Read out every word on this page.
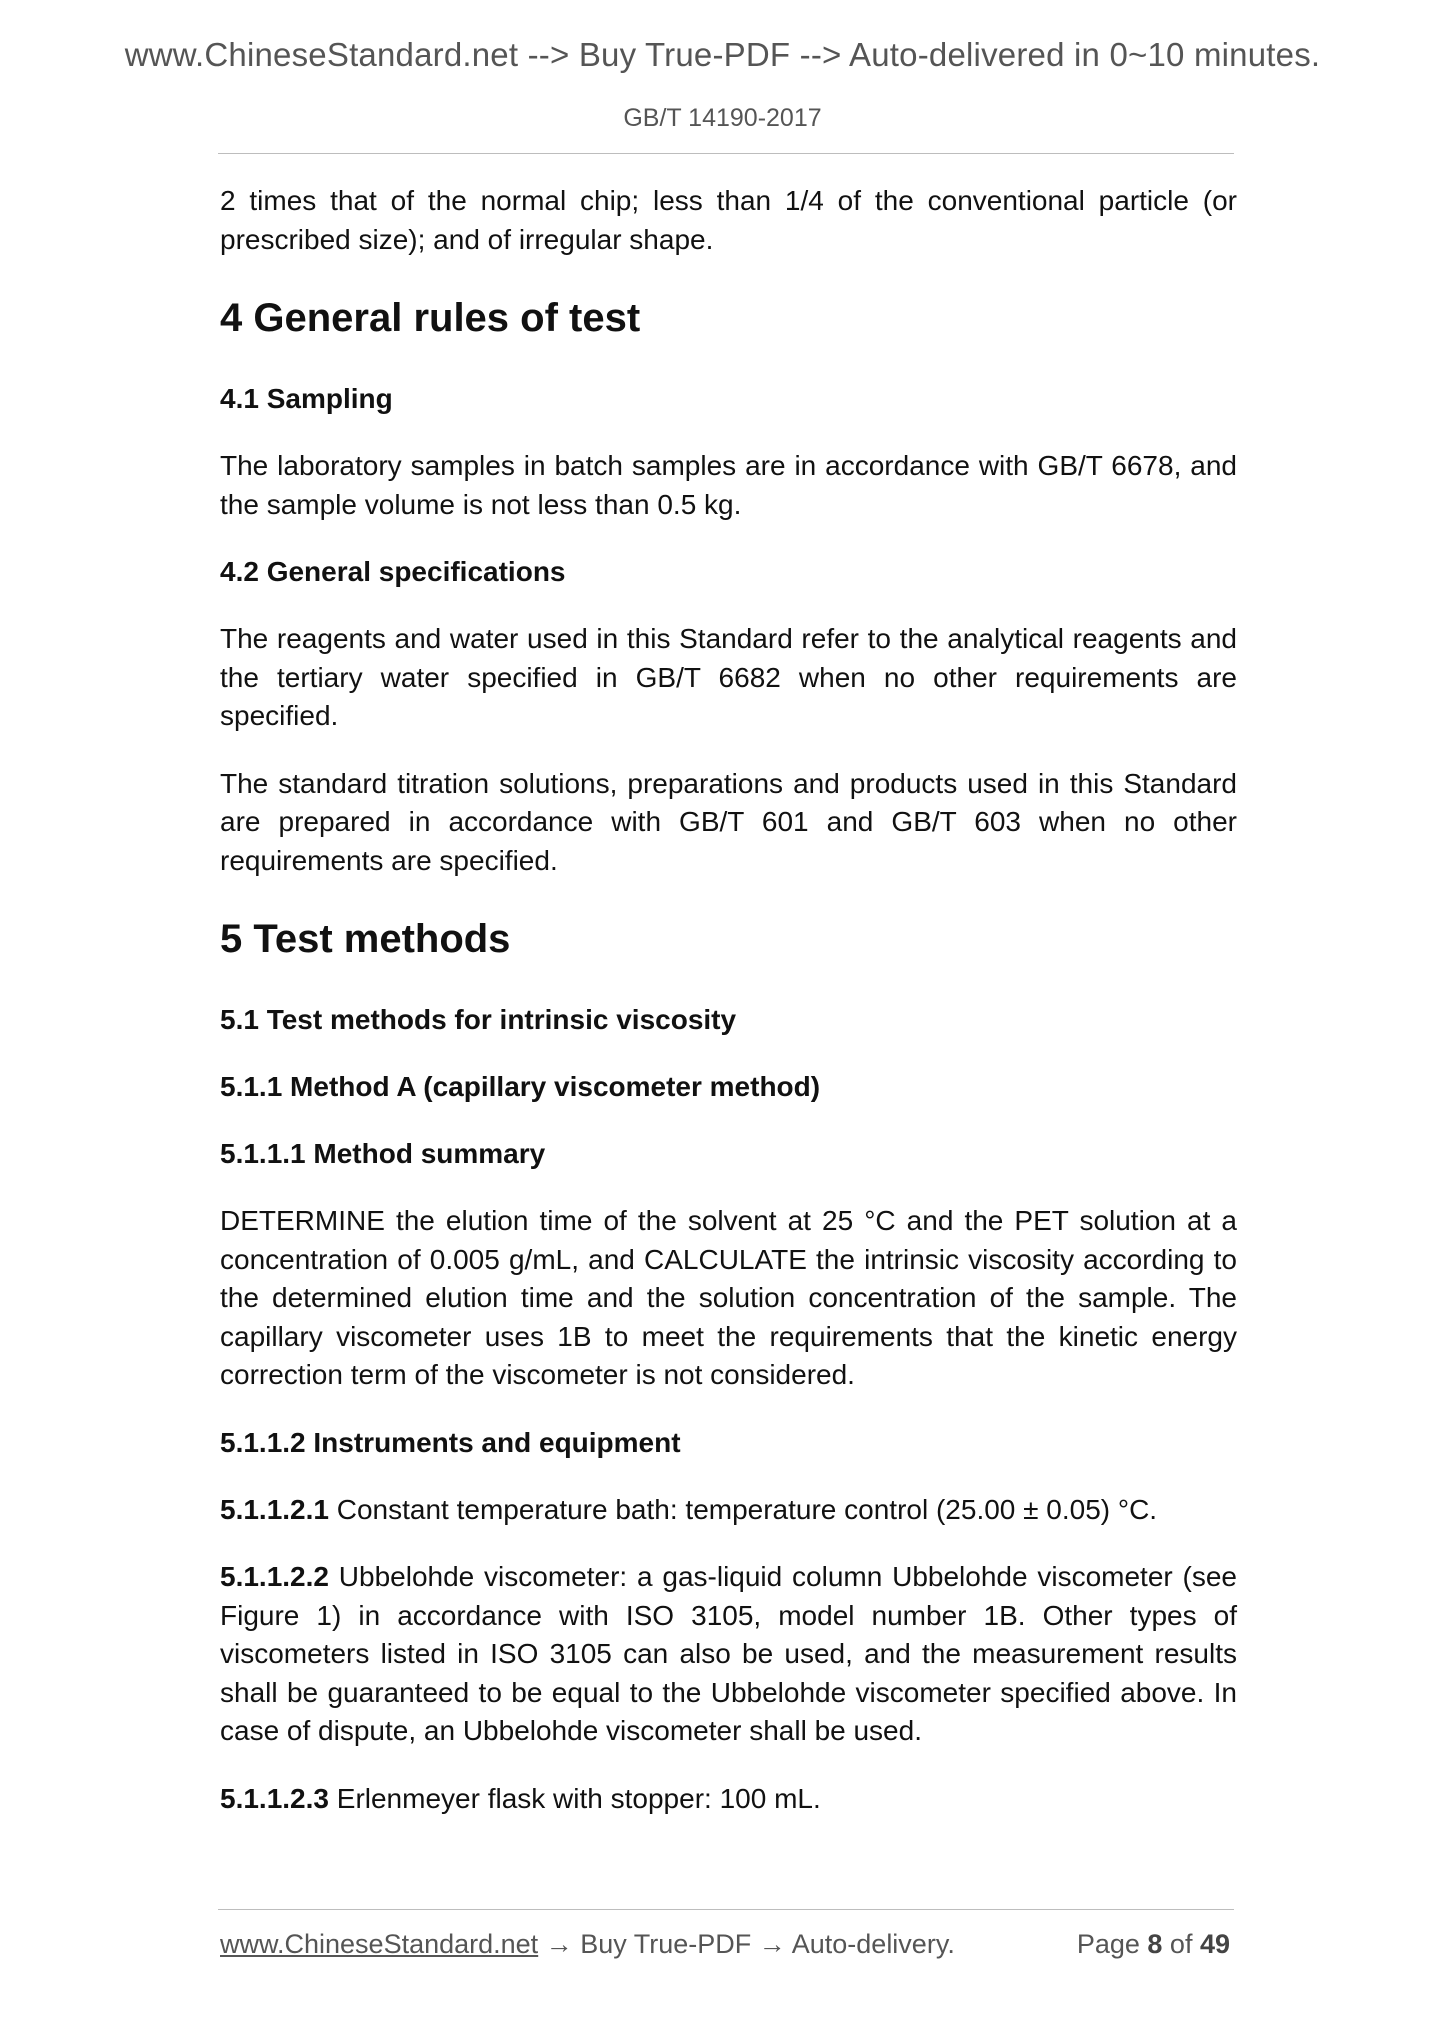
www.ChineseStandard.net --> Buy True-PDF --> Auto-delivered in 0~10 minutes.
GB/T 14190-2017

2 times that of the normal chip; less than 1/4 of the conventional particle (or prescribed size); and of irregular shape.

4 General rules of test
4.1 Sampling

The laboratory samples in batch samples are in accordance with GB/T 6678, and the sample volume is not less than 0.5 kg.

4.2 General specifications

The reagents and water used in this Standard refer to the analytical reagents and the tertiary water specified in GB/T 6682 when no other requirements are specified.

The standard titration solutions, preparations and products used in this Standard are prepared in accordance with GB/T 601 and GB/T 603 when no other requirements are specified.

5 Test methods
5.1 Test methods for intrinsic viscosity
5.1.1 Method A (capillary viscometer method)
5.1.1.1 Method summary

DETERMINE the elution time of the solvent at 25 °C and the PET solution at a concentration of 0.005 g/mL, and CALCULATE the intrinsic viscosity according to the determined elution time and the solution concentration of the sample. The capillary viscometer uses 1B to meet the requirements that the kinetic energy correction term of the viscometer is not considered.

5.1.1.2 Instruments and equipment

5.1.1.2.1 Constant temperature bath: temperature control (25.00 ± 0.05) °C.

5.1.1.2.2 Ubbelohde viscometer: a gas-liquid column Ubbelohde viscometer (see Figure 1) in accordance with ISO 3105, model number 1B. Other types of viscometers listed in ISO 3105 can also be used, and the measurement results shall be guaranteed to be equal to the Ubbelohde viscometer specified above. In case of dispute, an Ubbelohde viscometer shall be used.

5.1.1.2.3 Erlenmeyer flask with stopper: 100 mL.

www.ChineseStandard.net → Buy True-PDF → Auto-delivery.	Page 8 of 49
